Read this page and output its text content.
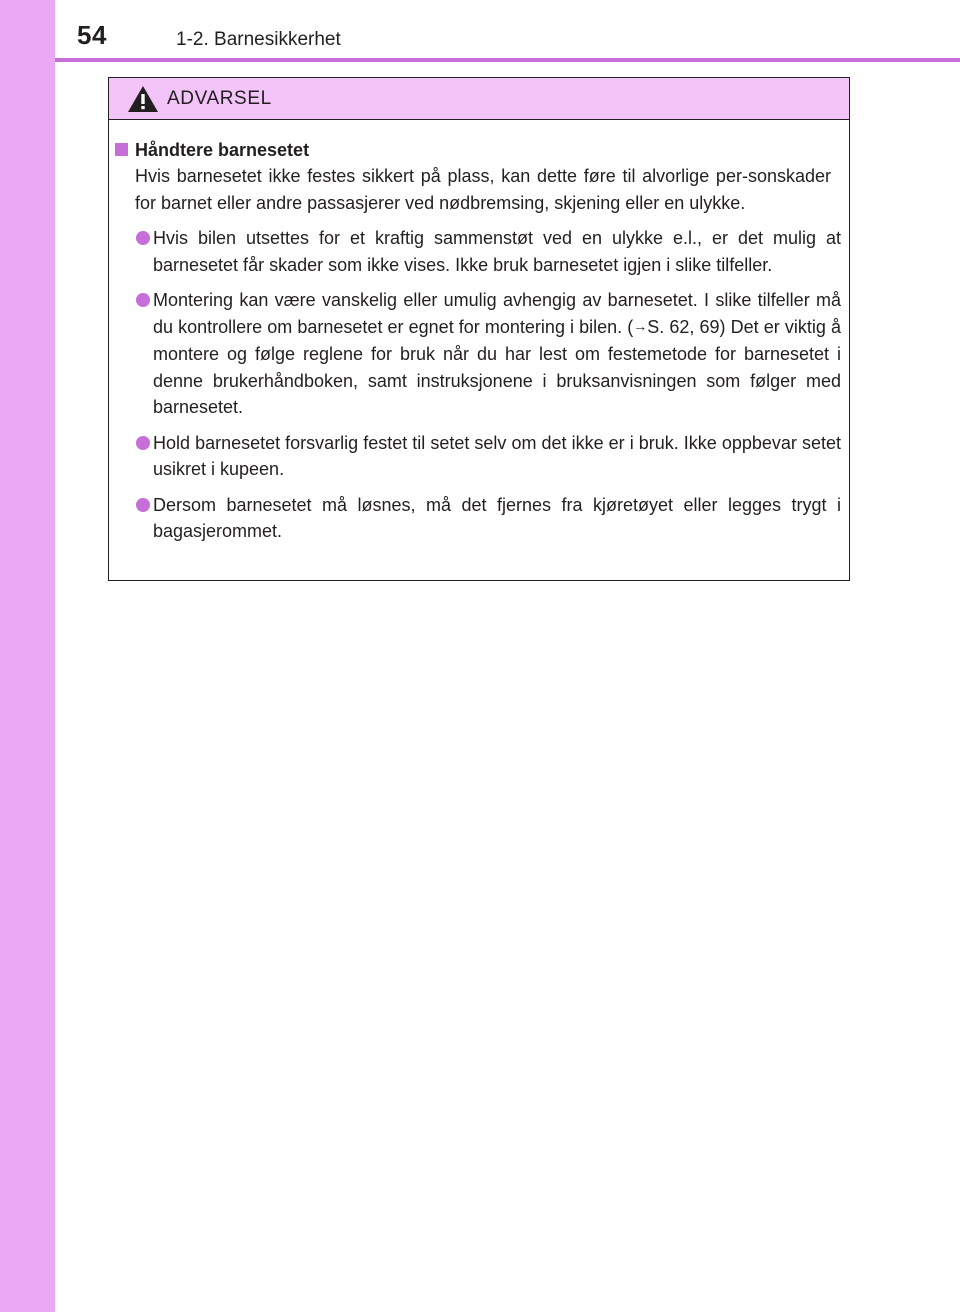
54	1-2. Barnesikkerhet
ADVARSEL
Håndtere barnesetet
Hvis barnesetet ikke festes sikkert på plass, kan dette føre til alvorlige per-sonskader for barnet eller andre passasjerer ved nødbremsing, skjening eller en ulykke.
Hvis bilen utsettes for et kraftig sammenstøt ved en ulykke e.l., er det mulig at barnesetet får skader som ikke vises. Ikke bruk barnesetet igjen i slike tilfeller.
Montering kan være vanskelig eller umulig avhengig av barnesetet. I slike tilfeller må du kontrollere om barnesetet er egnet for montering i bilen. (→S. 62, 69) Det er viktig å montere og følge reglene for bruk når du har lest om festemetode for barnesetet i denne brukerhåndboken, samt instruksjonene i bruksanvisningen som følger med barnesetet.
Hold barnesetet forsvarlig festet til setet selv om det ikke er i bruk. Ikke oppbevar setet usikret i kupeen.
Dersom barnesetet må løsnes, må det fjernes fra kjøretøyet eller legges trygt i bagasjerommet.
